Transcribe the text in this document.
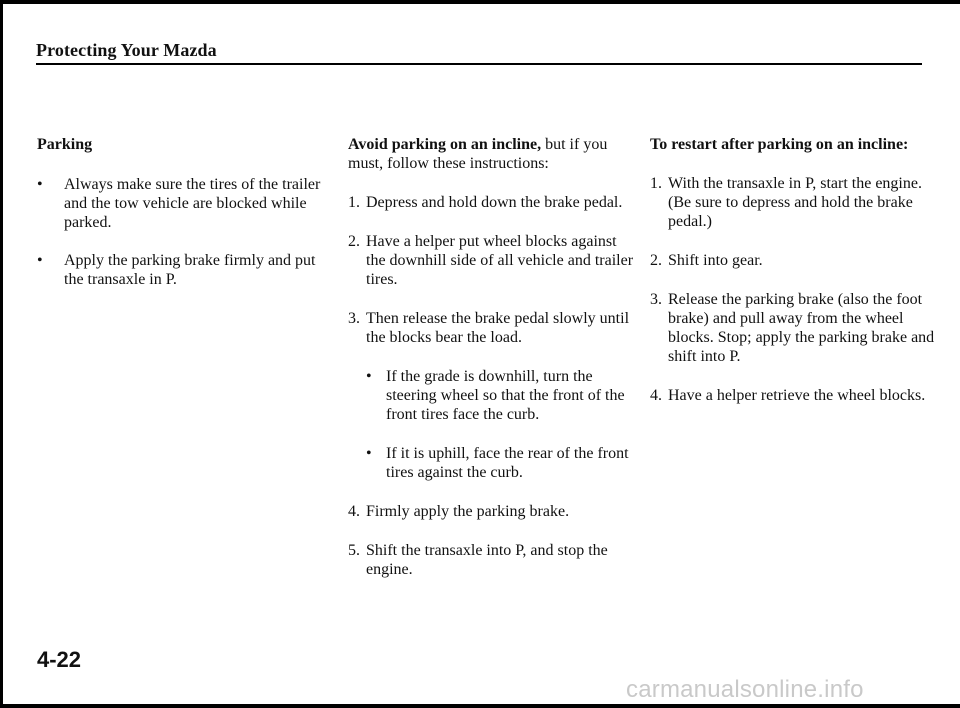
Protecting Your Mazda
Parking
•	Always make sure the tires of the trailer and the tow vehicle are blocked while parked.
•	Apply the parking brake firmly and put the transaxle in P.

Avoid parking on an incline, but if you must, follow these instructions:

1. Depress and hold down the brake pedal.
2. Have a helper put wheel blocks against the downhill side of all vehicle and trailer tires.
3. Then release the brake pedal slowly until the blocks bear the load.
• If the grade is downhill, turn the steering wheel so that the front of the front tires face the curb.
• If it is uphill, face the rear of the front tires against the curb.
4. Firmly apply the parking brake.
5. Shift the transaxle into P, and stop the engine.
To restart after parking on an incline:
1. With the transaxle in P, start the engine. (Be sure to depress and hold the brake pedal.)
2. Shift into gear.
3. Release the parking brake (also the foot brake) and pull away from the wheel blocks. Stop; apply the parking brake and shift into P.
4. Have a helper retrieve the wheel blocks.
4-22
carmanualsonline.info
